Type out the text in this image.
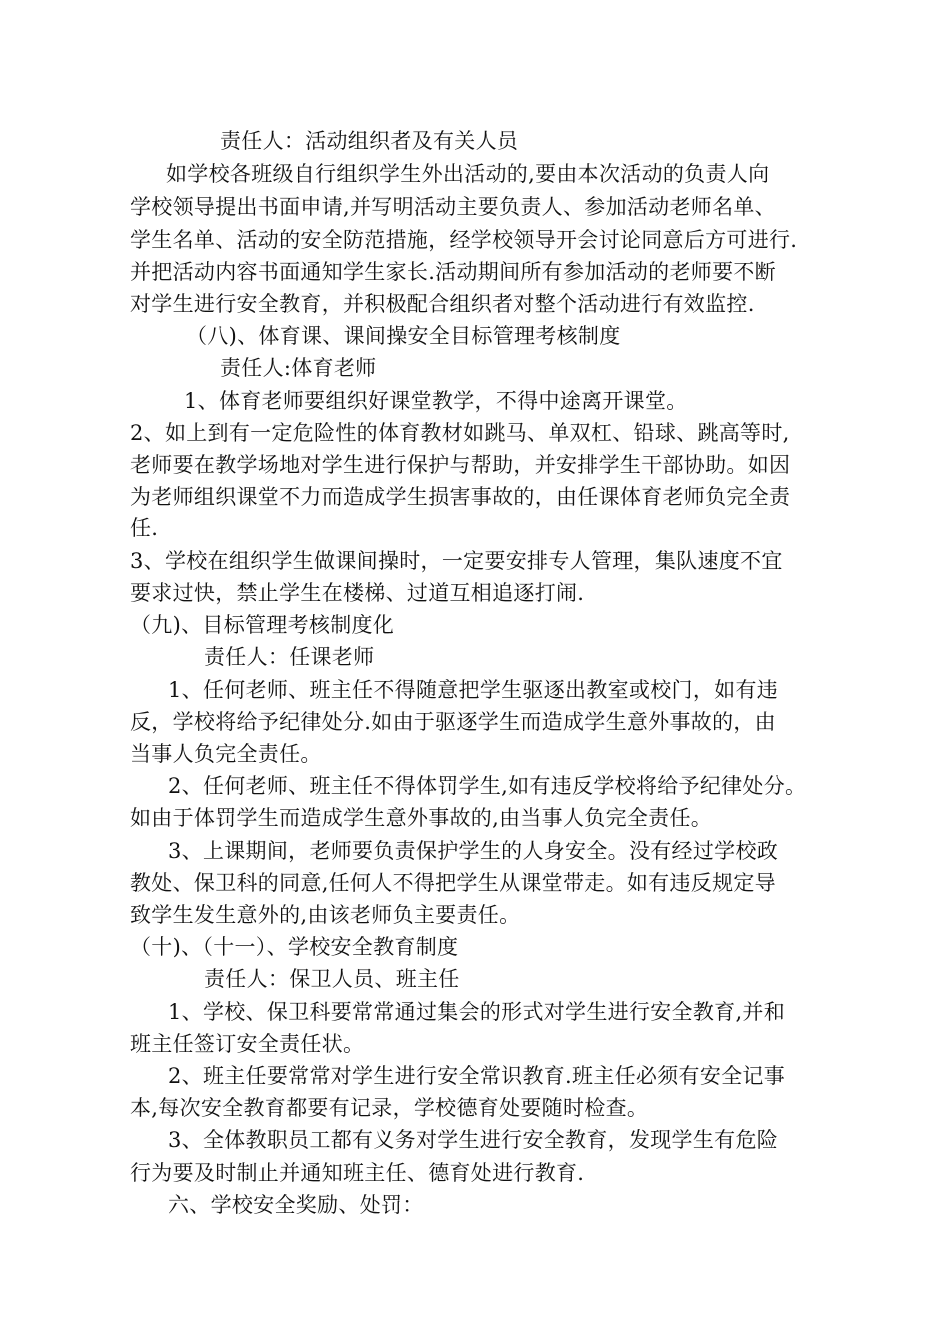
责任人：活动组织者及有关人员
如学校各班级自行组织学生外出活动的,要由本次活动的负责人向
学校领导提出书面申请,并写明活动主要负责人、参加活动老师名单、
学生名单、活动的安全防范措施，经学校领导开会讨论同意后方可进行.
并把活动内容书面通知学生家长.活动期间所有参加活动的老师要不断
对学生进行安全教育，并积极配合组织者对整个活动进行有效监控.
（八)、体育课、课间操安全目标管理考核制度
责任人:体育老师
1、体育老师要组织好课堂教学，不得中途离开课堂。
2、如上到有一定危险性的体育教材如跳马、单双杠、铅球、跳高等时,
老师要在教学场地对学生进行保护与帮助，并安排学生干部协助。如因
为老师组织课堂不力而造成学生损害事故的，由任课体育老师负完全责
任.
3、学校在组织学生做课间操时，一定要安排专人管理，集队速度不宜
要求过快，禁止学生在楼梯、过道互相追逐打闹.
（九)、目标管理考核制度化
责任人：任课老师
1、任何老师、班主任不得随意把学生驱逐出教室或校门，如有违
反，学校将给予纪律处分.如由于驱逐学生而造成学生意外事故的，由
当事人负完全责任。
2、任何老师、班主任不得体罚学生,如有违反学校将给予纪律处分。
如由于体罚学生而造成学生意外事故的,由当事人负完全责任。
3、上课期间，老师要负责保护学生的人身安全。没有经过学校政
教处、保卫科的同意,任何人不得把学生从课堂带走。如有违反规定导
致学生发生意外的,由该老师负主要责任。
（十)、（十一）、学校安全教育制度
责任人：保卫人员、班主任
1、学校、保卫科要常常通过集会的形式对学生进行安全教育,并和
班主任签订安全责任状。
2、班主任要常常对学生进行安全常识教育.班主任必须有安全记事
本,每次安全教育都要有记录，学校德育处要随时检查。
3、全体教职员工都有义务对学生进行安全教育，发现学生有危险
行为要及时制止并通知班主任、德育处进行教育.
六、学校安全奖励、处罚：
